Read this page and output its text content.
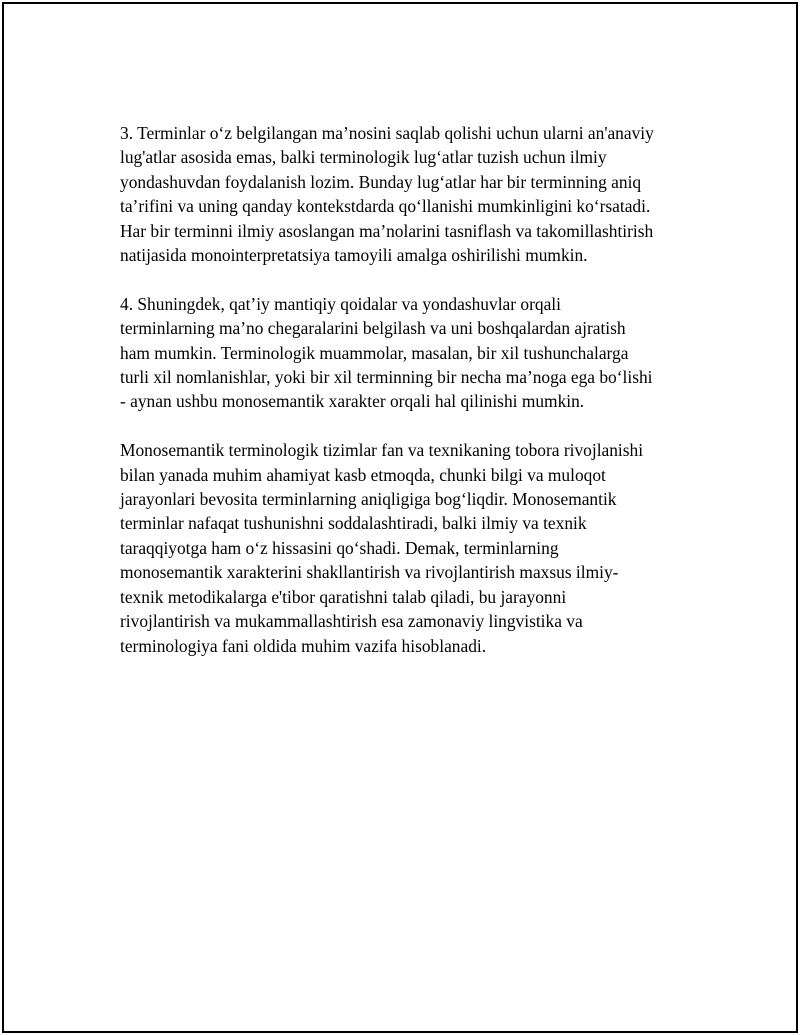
3. Terminlar o‘z belgilangan ma’nosini saqlab qolishi uchun ularni an'anaviy
lug'atlar asosida emas, balki terminologik lug‘atlar tuzish uchun ilmiy
yondashuvdan foydalanish lozim. Bunday lug‘atlar har bir terminning aniq
ta’rifini va uning qanday kontekstdarda qo‘llanishi mumkinligini ko‘rsatadi.
Har bir terminni ilmiy asoslangan ma’nolarini tasniflash va takomillashtirish
natijasida monointerpretatsiya tamoyili amalga oshirilishi mumkin.

4. Shuningdek, qat’iy mantiqiy qoidalar va yondashuvlar orqali
terminlarning ma’no chegaralarini belgilash va uni boshqalardan ajratish
ham mumkin. Terminologik muammolar, masalan, bir xil tushunchalarga
turli xil nomlanishlar, yoki bir xil terminning bir necha ma’noga ega bo‘lishi
- aynan ushbu monosemantik xarakter orqali hal qilinishi mumkin.

Monosemantik terminologik tizimlar fan va texnikaning tobora rivojlanishi
bilan yanada muhim ahamiyat kasb etmoqda, chunki bilgi va muloqot
jarayonlari bevosita terminlarning aniqligiga bog‘liqdir. Monosemantik
terminlar nafaqat tushunishni soddalashtiradi, balki ilmiy va texnik
taraqqiyotga ham o‘z hissasini qo‘shadi. Demak, terminlarning
monosemantik xarakterini shakllantirish va rivojlantirish maxsus ilmiy-
texnik metodikalarga e'tibor qaratishni talab qiladi, bu jarayonni
rivojlantirish va mukammallashtirish esa zamonaviy lingvistika va
terminologiya fani oldida muhim vazifa hisoblanadi.
